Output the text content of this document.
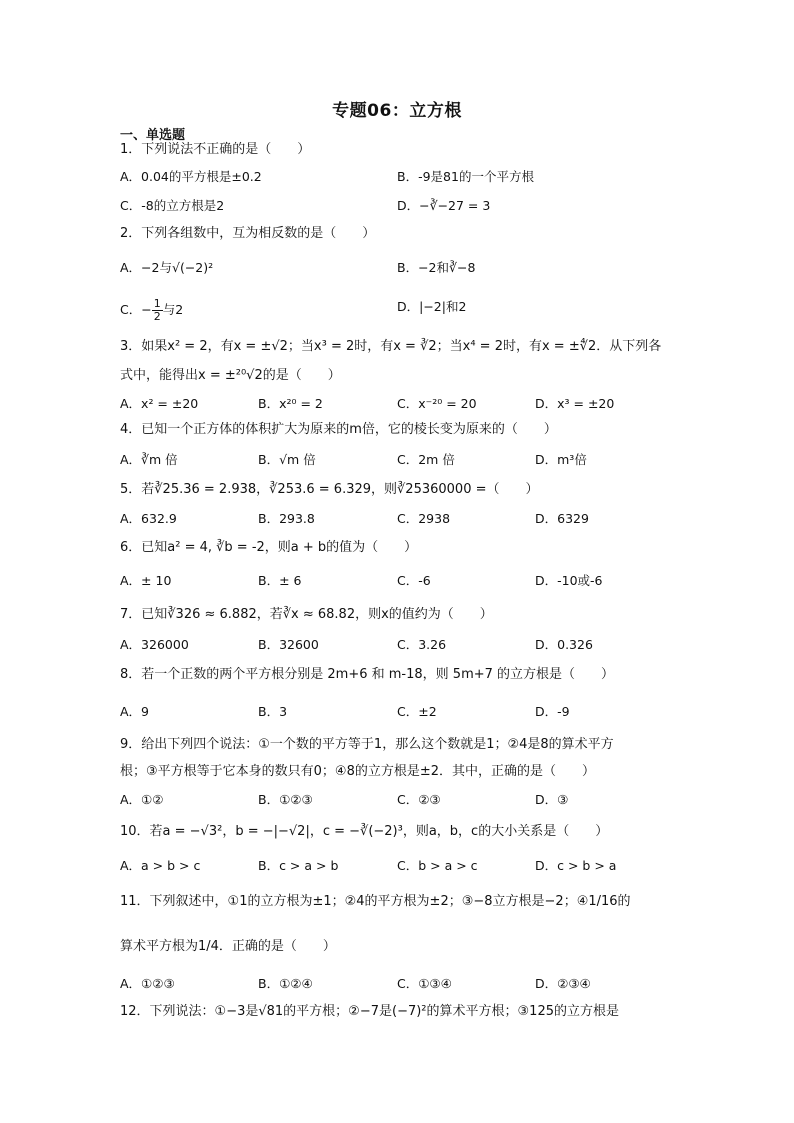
专题06：立方根
一、单选题
1．下列说法不正确的是（　　）
A．0.04的平方根是±0.2	B．-9是81的一个平方根
C．-8的立方根是2	D．−∛−27 = 3
2．下列各组数中，互为相反数的是（　　）
A．−2与√(−2)²	B．−2和∛−8
C．− $\frac{1}{2}$ 与2	D．|−2|和2
3．如果x² = 2，有x = ±√2；当x³ = 2时，有x = ∛2；当x⁴ = 2时，有x = ±∜2．从下列各
式中，能得出x = ±²⁰√2的是（　　）
A．x² = ±20	B．x²⁰ = 2	C．x⁻²⁰ = 20	D．x³ = ±20
4．已知一个正方体的体积扩大为原来的m倍，它的棱长变为原来的（　　）
A．∛m 倍	B．√m 倍	C．2m 倍	D．m³倍
5．若∛25.36 = 2.938，∛253.6 = 6.329，则∛25360000 =（　　）
A．632.9	B．293.8	C．2938	D．6329
6．已知a² = 4, ∛b = -2，则a + b的值为（　　）
A．± 10	B．± 6	C．-6	D．-10或-6
7．已知∛326 ≈ 6.882，若∛x ≈ 68.82，则x的值约为（　　）
A．326000	B．32600	C．3.26	D．0.326
8．若一个正数的两个平方根分别是 2m+6 和 m-18，则 5m+7 的立方根是（　　）
A．9	B．3	C．±2	D．-9
9．给出下列四个说法：①一个数的平方等于1，那么这个数就是1；②4是8的算术平方
根；③平方根等于它本身的数只有0；④8的立方根是±2．其中，正确的是（　　）
A．①②	B．①②③	C．②③	D．③
10．若a = −√3²，b = −|−√2|，c = −∛(−2)³，则a，b，c的大小关系是（　　）
A．a > b > c	B．c > a > b	C．b > a > c	D．c > b > a
11．下列叙述中，①1的立方根为±1；②4的平方根为±2；③−8立方根是−2；④1/16的
算术平方根为1/4．正确的是（　　）
A．①②③	B．①②④	C．①③④	D．②③④
12．下列说法：①−3是√81的平方根；②−7是(−7)²的算术平方根；③125的立方根是
